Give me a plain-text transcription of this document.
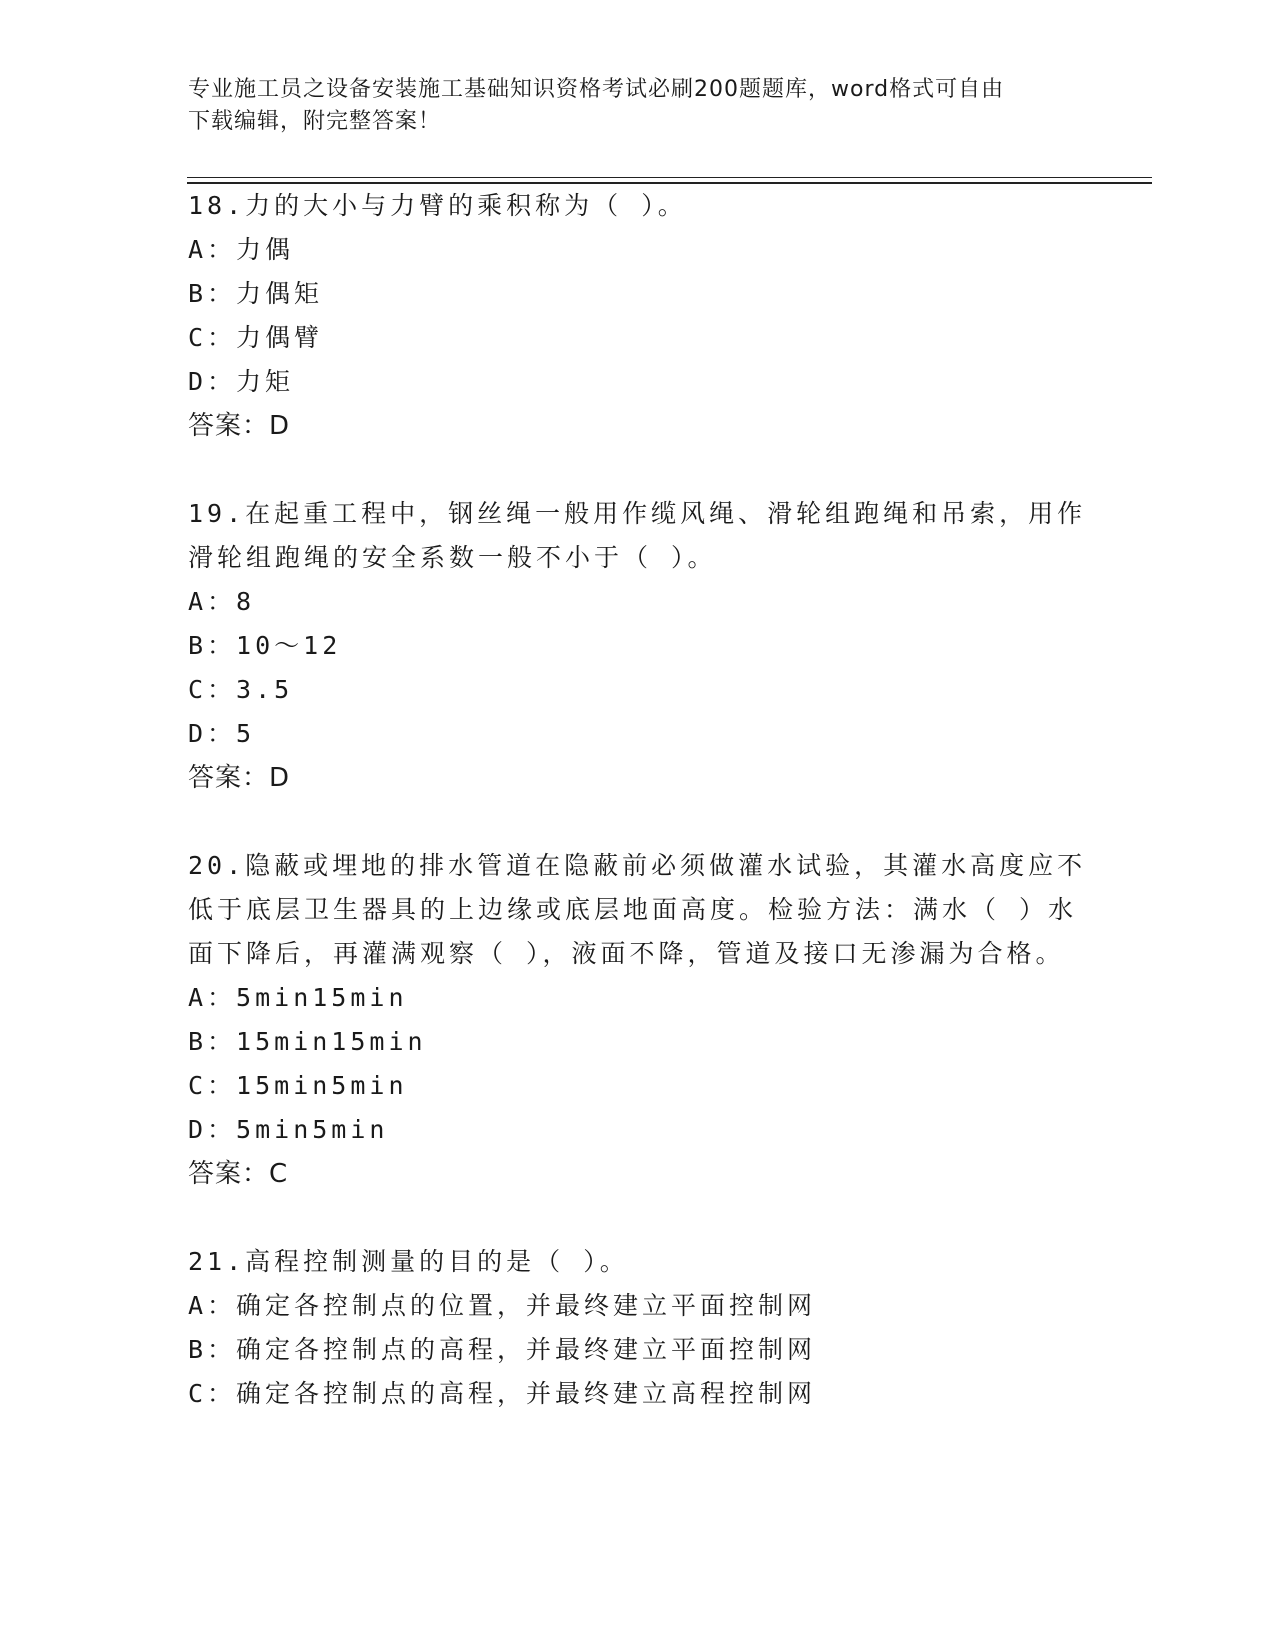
专业施工员之设备安装施工基础知识资格考试必刷200题题库，word格式可自由
下载编辑，附完整答案！
18.力的大小与力臂的乘积称为（ ）。
A：力偶
B：力偶矩
C：力偶臂
D：力矩
答案：D
19.在起重工程中，钢丝绳一般用作缆风绳、滑轮组跑绳和吊索，用作
滑轮组跑绳的安全系数一般不小于（ ）。
A：8
B：10～12
C：3.5
D：5
答案：D
20.隐蔽或埋地的排水管道在隐蔽前必须做灌水试验，其灌水高度应不
低于底层卫生器具的上边缘或底层地面高度。检验方法：满水（ ）水
面下降后，再灌满观察（ ），液面不降，管道及接口无渗漏为合格。
A：5min15min
B：15min15min
C：15min5min
D：5min5min
答案：C
21.高程控制测量的目的是（ ）。
A：确定各控制点的位置，并最终建立平面控制网
B：确定各控制点的高程，并最终建立平面控制网
C：确定各控制点的高程，并最终建立高程控制网
